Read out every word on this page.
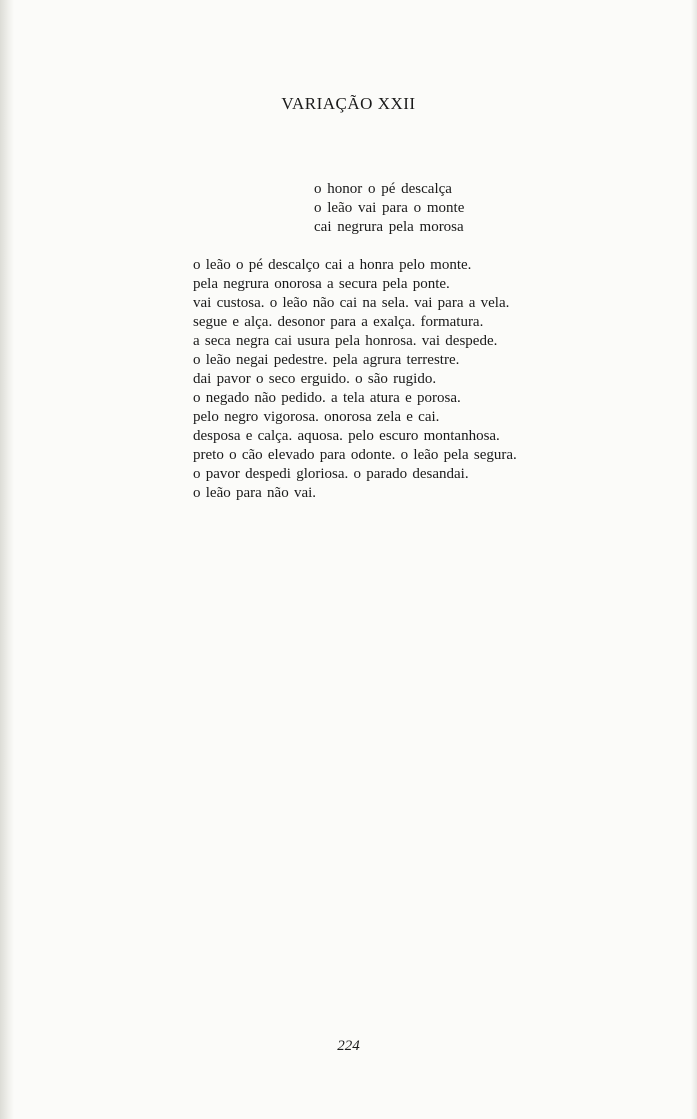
VARIAÇÃO XXII
o honor o pé descalça
o leão vai para o monte
cai negrura pela morosa
o leão o pé descalço cai a honra pelo monte.
pela negrura onorosa a secura pela ponte.
vai custosa. o leão não cai na sela. vai para a vela.
segue e alça. desonor para a exalça. formatura.
a seca negra cai usura pela honrosa. vai despede.
o leão negai pedestre. pela agrura terrestre.
dai pavor o seco erguido. o são rugido.
o negado não pedido. a tela atura e porosa.
pelo negro vigorosa. onorosa zela e cai.
desposa e calça. aquosa. pelo escuro montanhosa.
preto o cão elevado para odonte. o leão pela segura.
o pavor despedi gloriosa. o parado desandai.
o leão para não vai.
224
